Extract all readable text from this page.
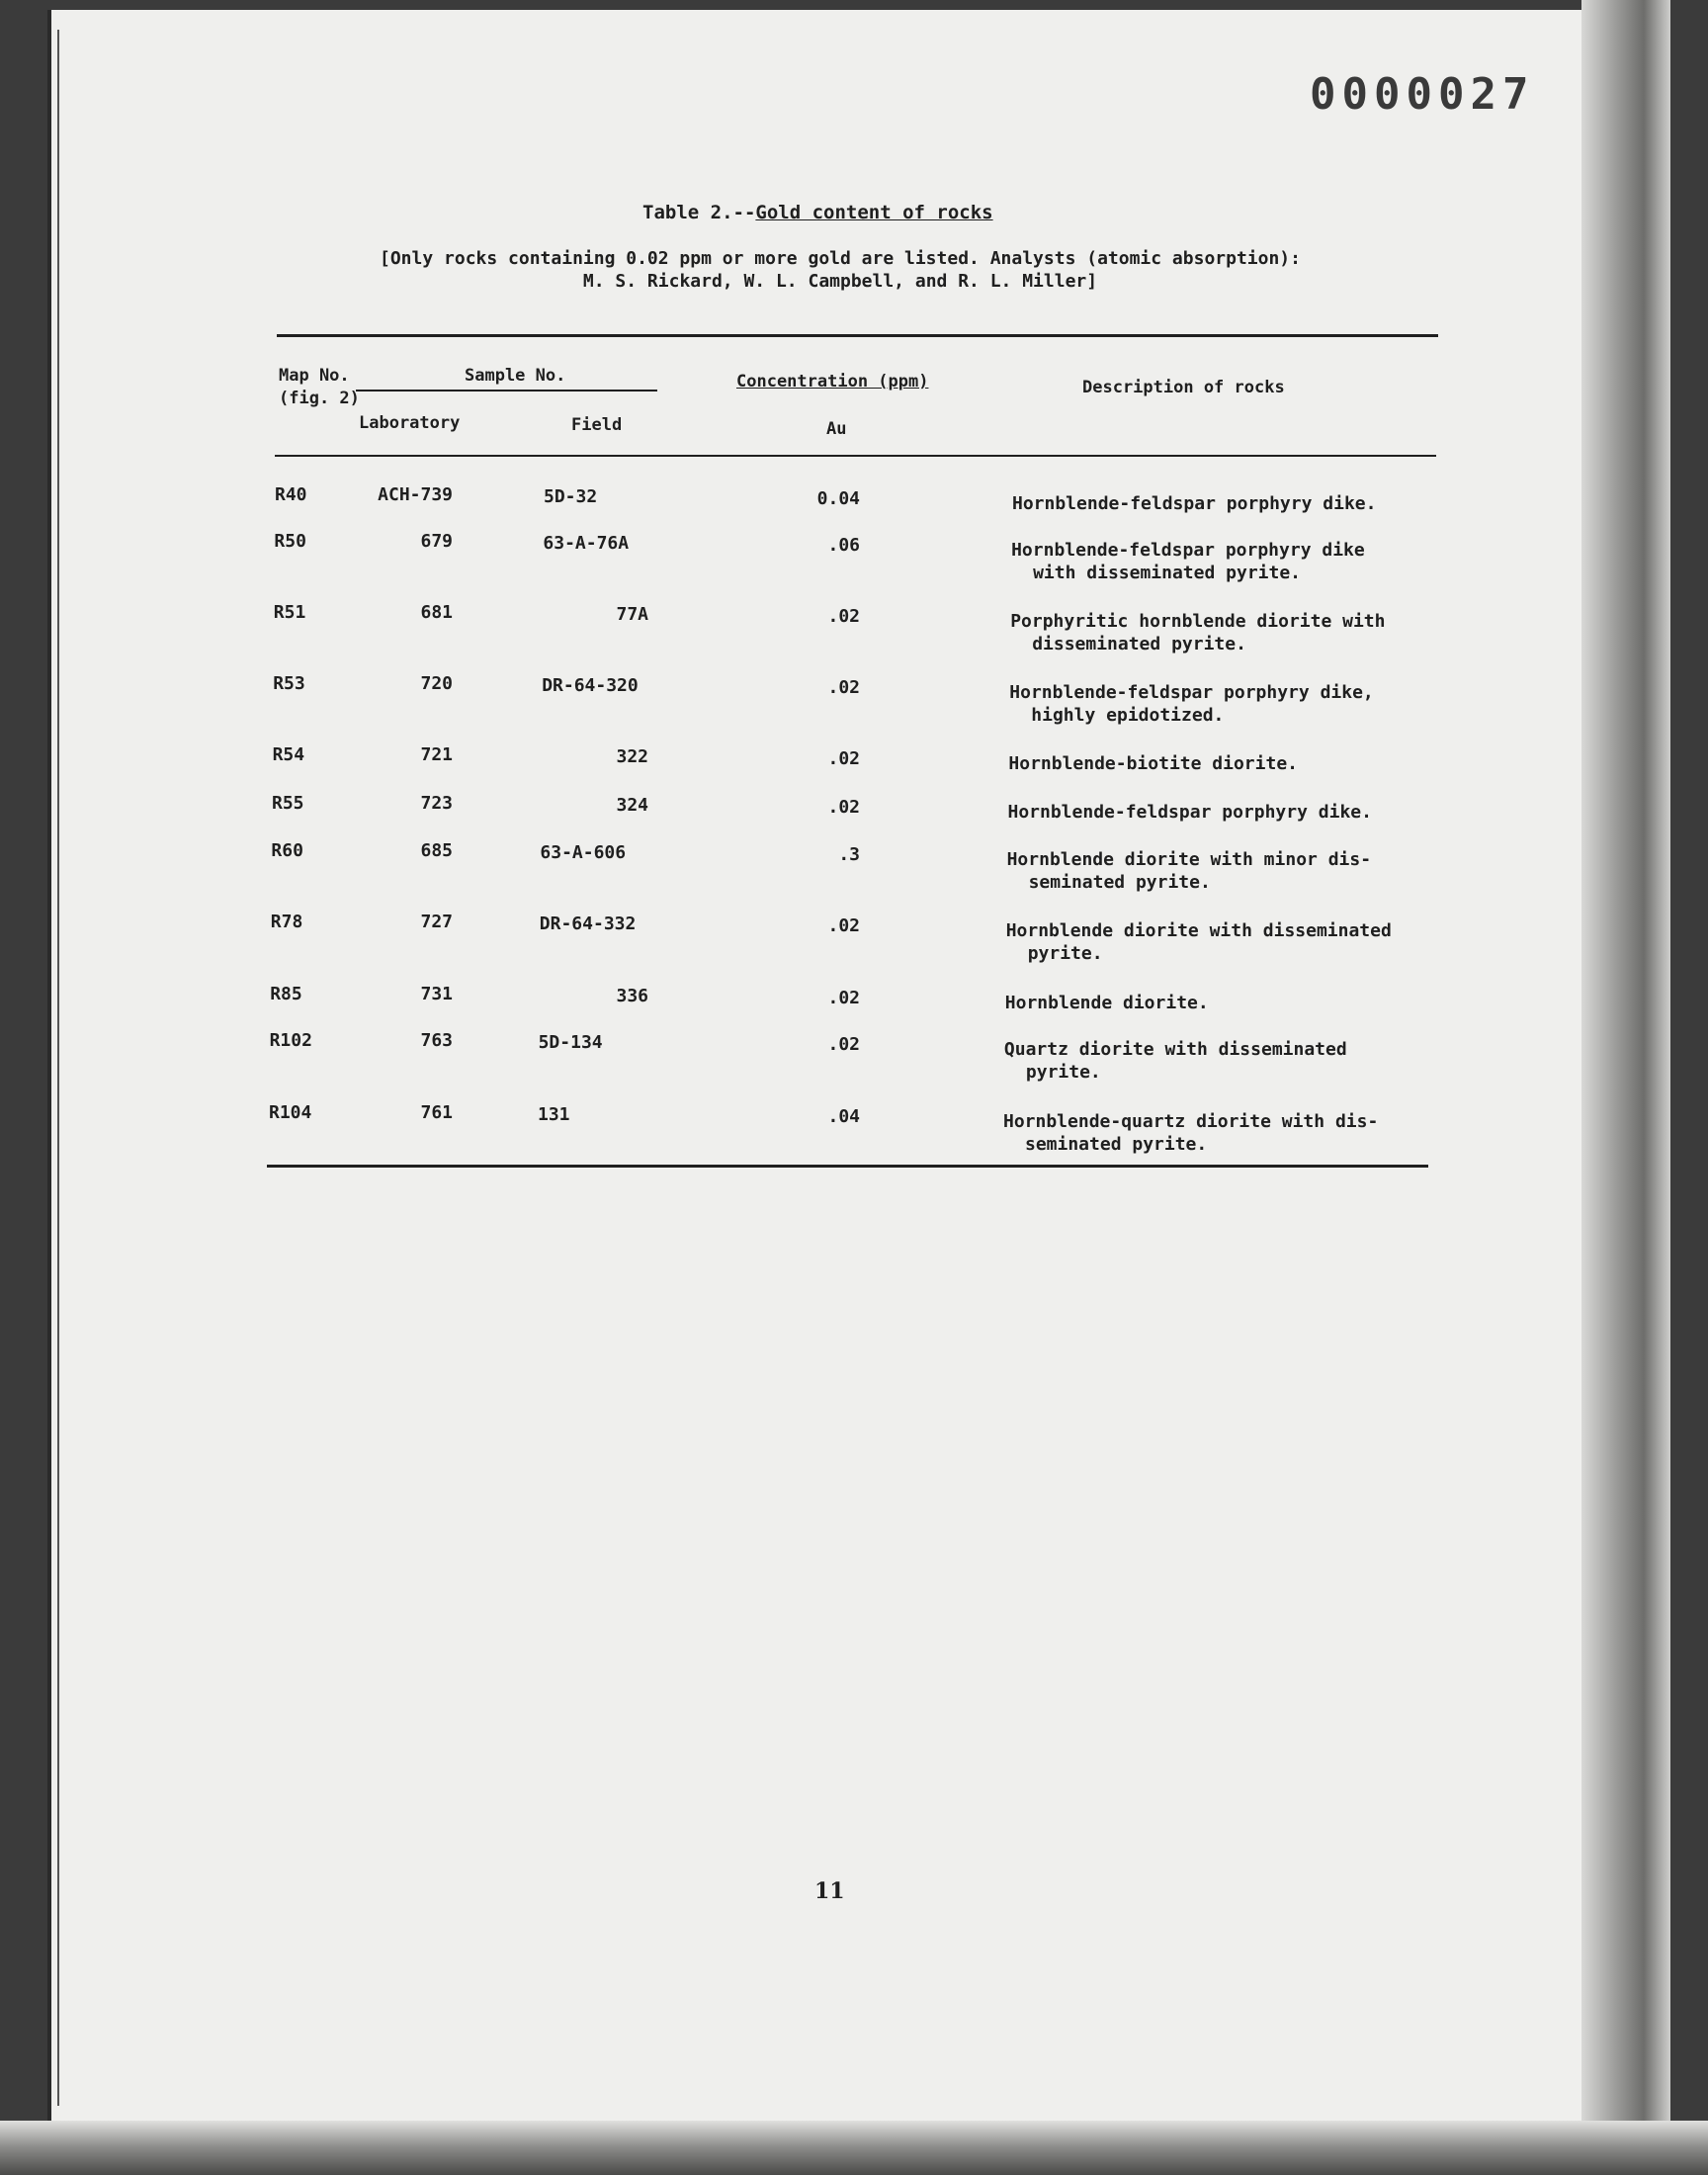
0000027
Table 2.--Gold content of rocks
[Only rocks containing 0.02 ppm or more gold are listed. Analysts (atomic absorption):
M. S. Rickard, W. L. Campbell, and R. L. Miller]
Map No.	Sample No.
(fig. 2)
Laboratory	Field
Concentration (ppm)
Au
Description of rocks
R40	ACH-739	5D-32	0.04	Hornblende-feldspar porphyry dike.
R50	679	63-A-76A	.06	Hornblende-feldspar porphyry dike
with disseminated pyrite.
R51	681	77A	.02	Porphyritic hornblende diorite with
disseminated pyrite.
R53	720	DR-64-320	.02	Hornblende-feldspar porphyry dike,
highly epidotized.
R54	721	322	.02	Hornblende-biotite diorite.
R55	723	324	.02	Hornblende-feldspar porphyry dike.
R60	685	63-A-606	.3	Hornblende diorite with minor dis-
seminated pyrite.
R78	727	DR-64-332	.02	Hornblende diorite with disseminated
pyrite.
R85	731	336	.02	Hornblende diorite.
R102	763	5D-134	.02	Quartz diorite with disseminated
pyrite.
R104	761	131	.04	Hornblende-quartz diorite with dis-
seminated pyrite.
11
